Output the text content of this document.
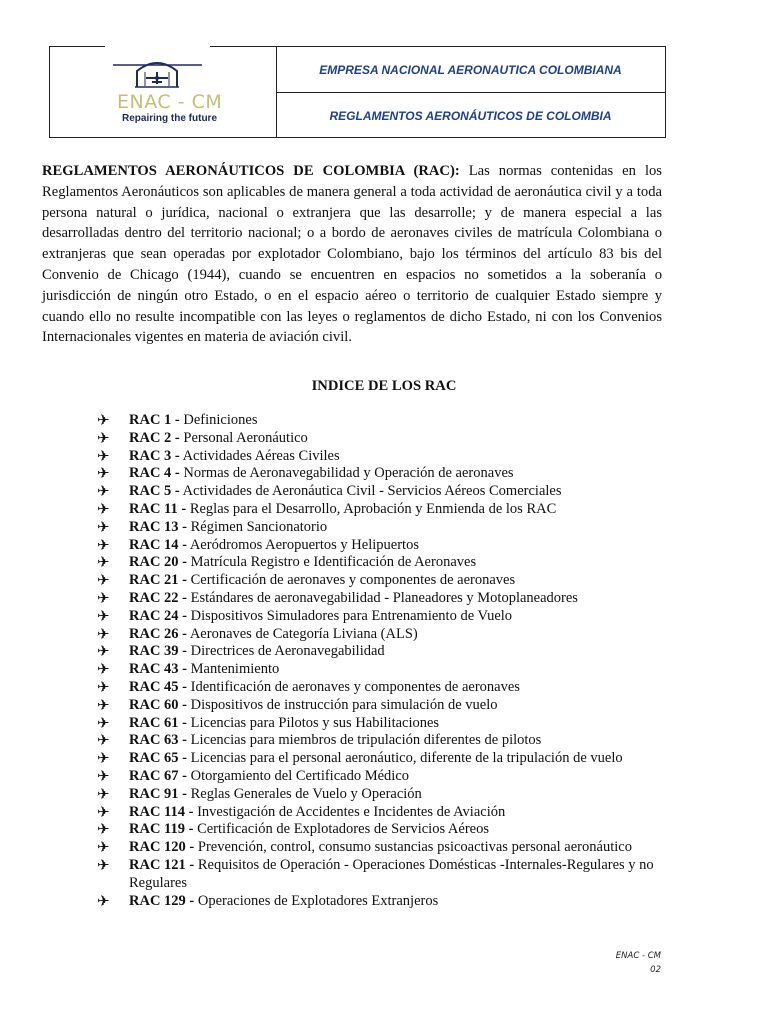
ENAC - CM
Repairing the future
EMPRESA NACIONAL AERONAUTICA COLOMBIANA
REGLAMENTOS AERONÁUTICOS DE COLOMBIA

REGLAMENTOS AERONÁUTICOS DE COLOMBIA (RAC): Las normas contenidas en los Reglamentos Aeronáuticos son aplicables de manera general a toda actividad de aeronáutica civil y a toda persona natural o jurídica, nacional o extranjera que las desarrolle; y de manera especial a las desarrolladas dentro del territorio nacional; o a bordo de aeronaves civiles de matrícula Colombiana o extranjeras que sean operadas por explotador Colombiano, bajo los términos del artículo 83 bis del Convenio de Chicago (1944), cuando se encuentren en espacios no sometidos a la soberanía o jurisdicción de ningún otro Estado, o en el espacio aéreo o territorio de cualquier Estado siempre y cuando ello no resulte incompatible con las leyes o reglamentos de dicho Estado, ni con los Convenios Internacionales vigentes en materia de aviación civil.

INDICE DE LOS RAC
✈ RAC 1 - Definiciones
✈ RAC 2 - Personal Aeronáutico
✈ RAC 3 - Actividades Aéreas Civiles
✈ RAC 4 - Normas de Aeronavegabilidad y Operación de aeronaves
✈ RAC 5 - Actividades de Aeronáutica Civil - Servicios Aéreos Comerciales
✈ RAC 11 - Reglas para el Desarrollo, Aprobación y Enmienda de los RAC
✈ RAC 13 - Régimen Sancionatorio
✈ RAC 14 - Aeródromos Aeropuertos y Helipuertos
✈ RAC 20 - Matrícula Registro e Identificación de Aeronaves
✈ RAC 21 - Certificación de aeronaves y componentes de aeronaves
✈ RAC 22 - Estándares de aeronavegabilidad - Planeadores y Motoplaneadores
✈ RAC 24 - Dispositivos Simuladores para Entrenamiento de Vuelo
✈ RAC 26 - Aeronaves de Categoría Liviana (ALS)
✈ RAC 39 - Directrices de Aeronavegabilidad
✈ RAC 43 - Mantenimiento
✈ RAC 45 - Identificación de aeronaves y componentes de aeronaves
✈ RAC 60 - Dispositivos de instrucción para simulación de vuelo
✈ RAC 61 - Licencias para Pilotos y sus Habilitaciones
✈ RAC 63 - Licencias para miembros de tripulación diferentes de pilotos
✈ RAC 65 - Licencias para el personal aeronáutico, diferente de la tripulación de vuelo
✈ RAC 67 - Otorgamiento del Certificado Médico
✈ RAC 91 - Reglas Generales de Vuelo y Operación
✈ RAC 114 - Investigación de Accidentes e Incidentes de Aviación
✈ RAC 119 - Certificación de Explotadores de Servicios Aéreos
✈ RAC 120 - Prevención, control, consumo sustancias psicoactivas personal aeronáutico
✈ RAC 121 - Requisitos de Operación - Operaciones Domésticas -Internales-Regulares y no Regulares
✈ RAC 129 - Operaciones de Explotadores Extranjeros
ENAC - CM
02
